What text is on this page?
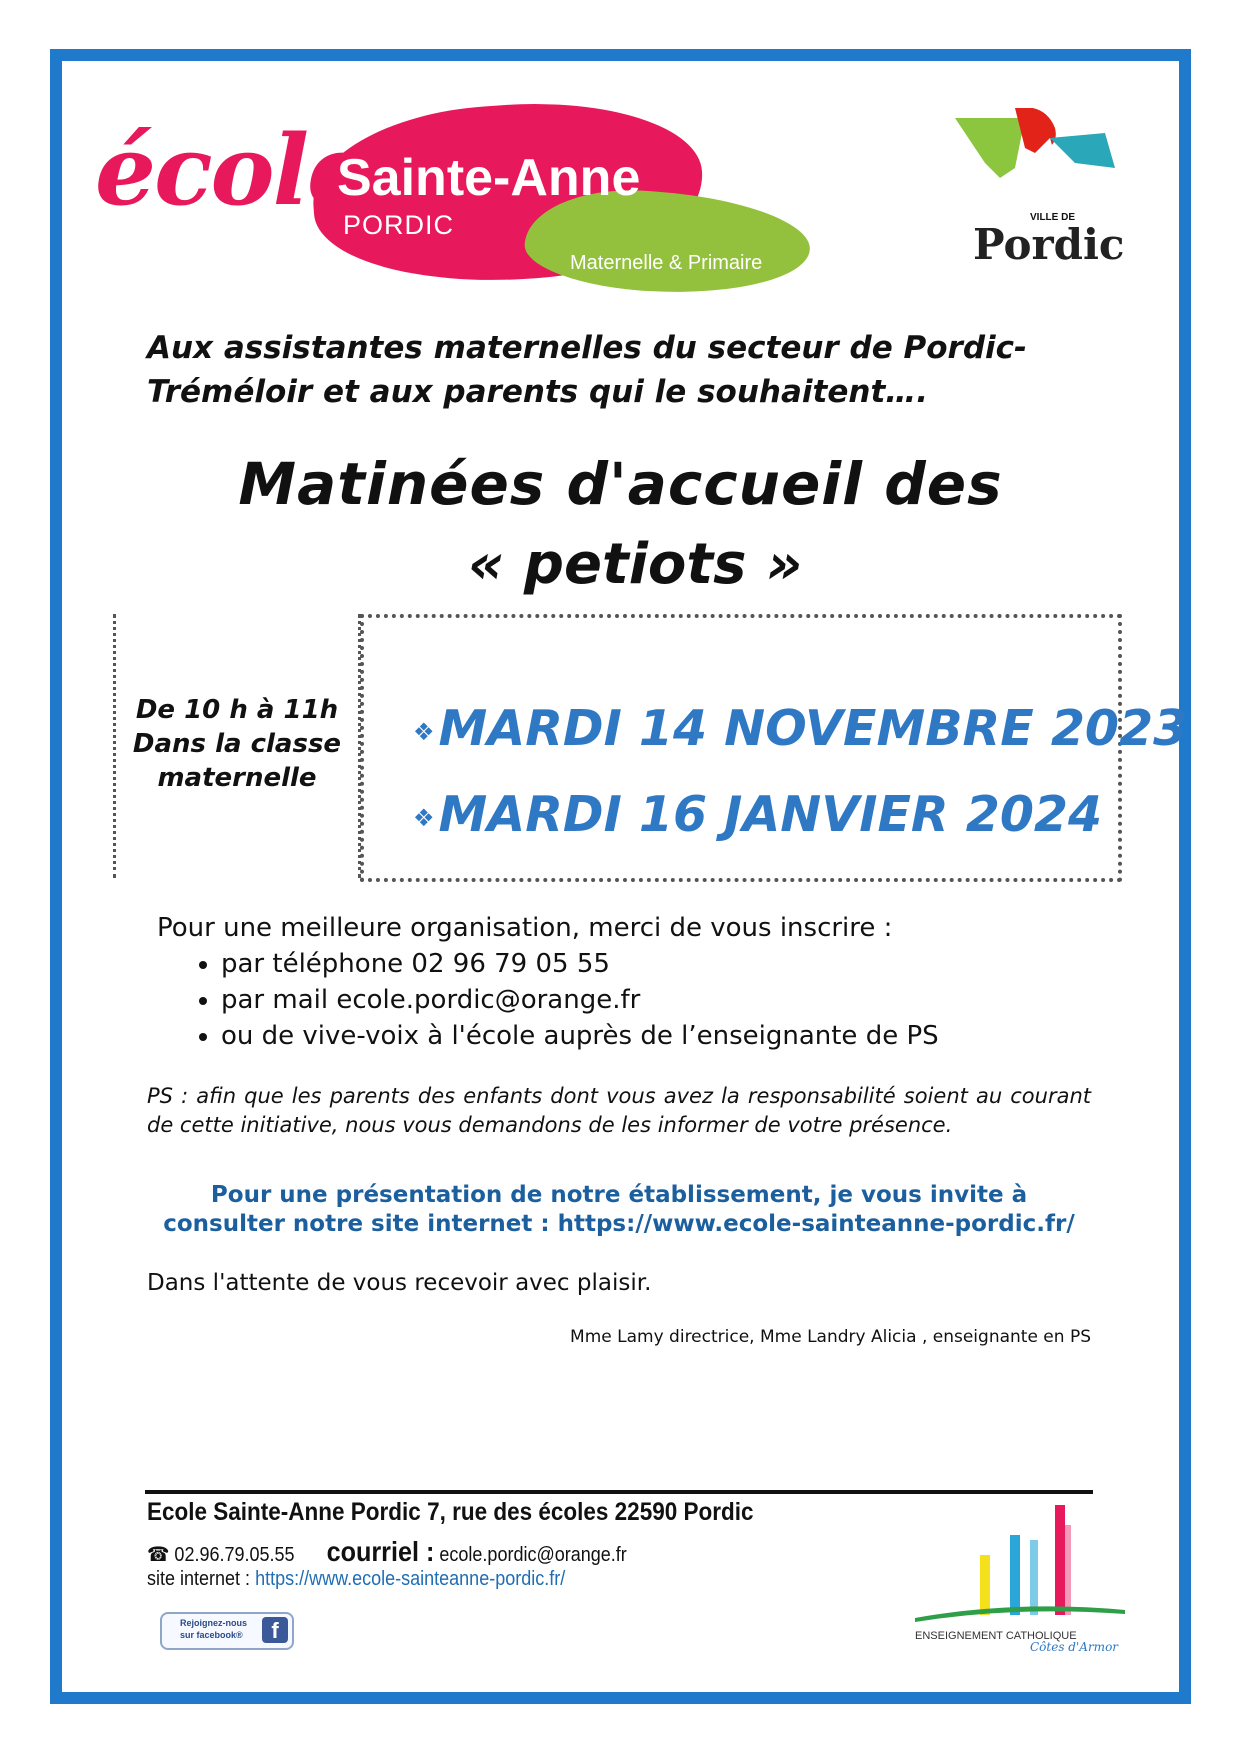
école
Sainte-Anne
PORDIC
Maternelle & Primaire
VILLE DE
Pordic
Aux assistantes maternelles du secteur de Pordic-Tréméloir et aux parents qui le souhaitent….
Matinées d'accueil des
« petiots »
De 10 h à 11h
Dans la classe
maternelle
❖MARDI 14 NOVEMBRE 2023
❖MARDI 16 JANVIER 2024
Pour une meilleure organisation, merci de vous inscrire :
• par téléphone 02 96 79 05 55
• par mail ecole.pordic@orange.fr
• ou de vive-voix à l'école auprès de l’enseignante de PS
PS : afin que les parents des enfants dont vous avez la responsabilité soient au courant de cette initiative, nous vous demandons de les informer de votre présence.
Pour une présentation de notre établissement, je vous invite à consulter notre site internet : https://www.ecole-sainteanne-pordic.fr/
Dans l'attente de vous recevoir avec plaisir.
Mme Lamy directrice, Mme Landry Alicia , enseignante en PS
Ecole Sainte-Anne Pordic 7, rue des écoles 22590 Pordic
☎ 02.96.79.05.55 courriel : ecole.pordic@orange.fr
site internet : https://www.ecole-sainteanne-pordic.fr/
Rejoignez-nous
sur facebook®	f	ENSEIGNEMENT CATHOLIQUE
Côtes d'Armor
